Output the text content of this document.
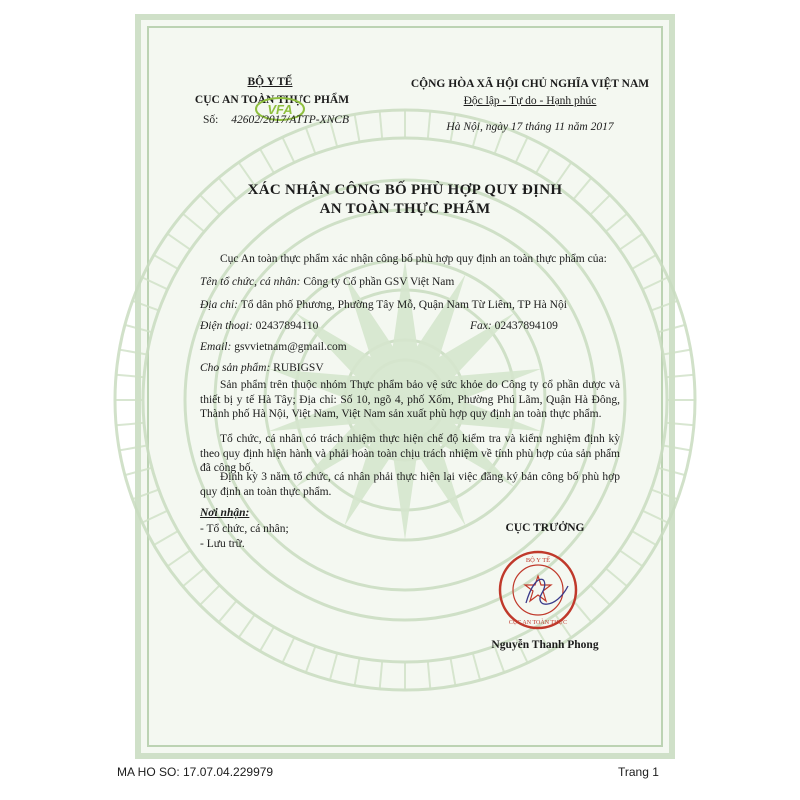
BỘ Y TẾ
CỤC AN TOÀN THỰC PHẨM
VFA
Số: 42602/2017/ATTP-XNCB
CỘNG HÒA XÃ HỘI CHỦ NGHĨA VIỆT NAM
Độc lập - Tự do - Hạnh phúc
Hà Nội, ngày 17 tháng 11 năm 2017
XÁC NHẬN CÔNG BỐ PHÙ HỢP QUY ĐỊNH
AN TOÀN THỰC PHẨM
Cục An toàn thực phẩm xác nhận công bố phù hợp quy định an toàn thực phẩm của:
Tên tổ chức, cá nhân: Công ty Cổ phần GSV Việt Nam
Địa chỉ: Tổ dân phố Phương, Phường Tây Mỗ, Quận Nam Từ Liêm, TP Hà Nội
Điện thoại: 02437894110	Fax: 02437894109
Email: gsvvietnam@gmail.com
Cho sản phẩm: RUBIGSV
Sản phẩm trên thuộc nhóm Thực phẩm bảo vệ sức khỏe do Công ty cổ phần dược và thiết bị y tế Hà Tây; Địa chỉ: Số 10, ngõ 4, phố Xốm, Phường Phú Lãm, Quận Hà Đông, Thành phố Hà Nội, Việt Nam, Việt Nam sản xuất phù hợp quy định an toàn thực phẩm.
Tổ chức, cá nhân có trách nhiệm thực hiện chế độ kiểm tra và kiểm nghiệm định kỳ theo quy định hiện hành và phải hoàn toàn chịu trách nhiệm về tính phù hợp của sản phẩm đã công bố.
Định kỳ 3 năm tổ chức, cá nhân phải thực hiện lại việc đăng ký bản công bố phù hợp quy định an toàn thực phẩm.
Nơi nhận:
- Tổ chức, cá nhân;
- Lưu trữ.
CỤC TRƯỞNG
BỘ Y TẾ
CỤC AN TOÀN THỰC
Nguyễn Thanh Phong
MA HO SO: 17.07.04.229979	Trang 1
